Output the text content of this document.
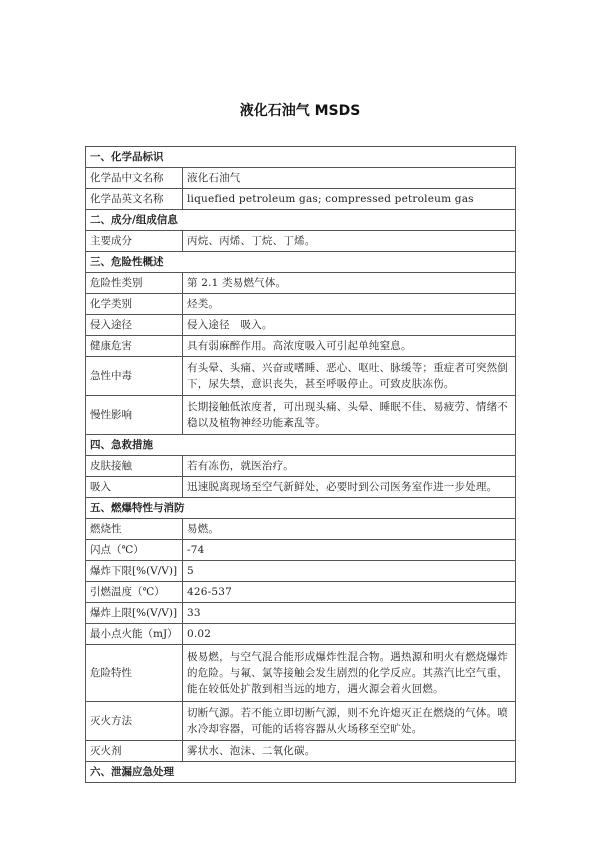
液化石油气 MSDS
一、化学品标识	
化学品中文名称	液化石油气
化学品英文名称	liquefied petroleum gas; compressed petroleum gas
二、成分/组成信息	
主要成分	丙烷、丙烯、丁烷、丁烯。
三、危险性概述	
危险性类别	第 2.1 类易燃气体。
化学类别	烃类。
侵入途径	侵入途径　吸入。
健康危害	具有弱麻醉作用。高浓度吸入可引起单纯窒息。
急性中毒	有头晕、头痛、兴奋或嗜睡、恶心、呕吐、脉缓等；重症者可突然倒下，尿失禁，意识丧失，甚至呼吸停止。可致皮肤冻伤。
慢性影响	长期接触低浓度者，可出现头痛、头晕、睡眠不佳、易疲劳、情绪不稳以及植物神经功能紊乱等。
四、急救措施	
皮肤接触	若有冻伤，就医治疗。
吸入	迅速脱离现场至空气新鲜处，必要时到公司医务室作进一步处理。
五、燃爆特性与消防	
燃烧性	易燃。
闪点（℃）	-74
爆炸下限[%(V/V)]	5
引燃温度（℃）	426-537
爆炸上限[%(V/V)]	33
最小点火能（mJ）	0.02
危险特性	极易燃，与空气混合能形成爆炸性混合物。遇热源和明火有燃烧爆炸的危险。与氟、氯等接触会发生剧烈的化学反应。其蒸汽比空气重，能在较低处扩散到相当远的地方，遇火源会着火回燃。
灭火方法	切断气源。若不能立即切断气源，则不允许熄灭正在燃烧的气体。喷水冷却容器，可能的话将容器从火场移至空旷处。
灭火剂	雾状水、泡沫、二氧化碳。
六、泄漏应急处理	
